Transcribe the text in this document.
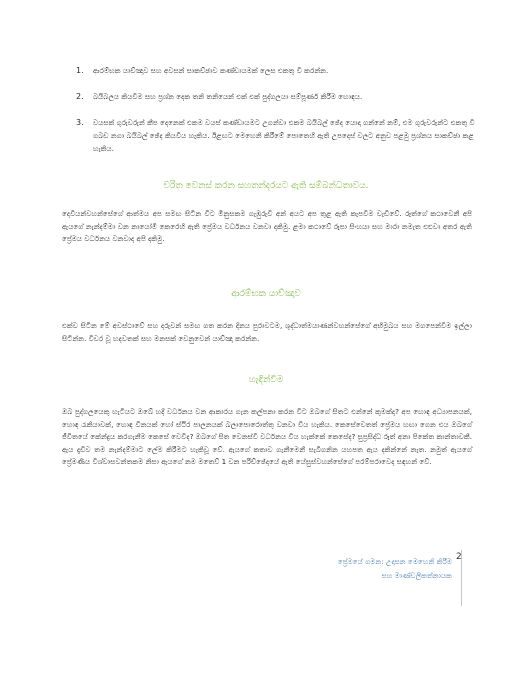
1.	ආරම්භක යාච්ඤාව සහ අවසන් සාකච්ඡාව කණ්ඩායමක් ලෙස එකතු වී කරන්න.
2.	බයිබලය කියවීම සහ ප්‍රශ්න දෙක තනි තනියෙන් එක් එක් පුද්ගලයා සම්පූර්ණ කිරීම හොඳය.
3.	වයසක් ගුරුවරුන් කීප දෙනෙක් එකම වයස් කණ්ඩායමට උගන්වා එකම බයිබල් ඡේද යොදා ගන්නේ නම්, එම ගුරුවරුන්ට එකතු වී ගබඩ නගා බයිබල් ඡේද කියවිය හැකිය. ඊළඟට මෙහෙනි කිරීමේ පොතෙහි ඇති උපදෙස් වලට අනුව පළමු ප්‍රශ්නය සාකච්ඡා කළ හැකිය.
චරිත වෙනස් කරන සහතන්දරයට ඇති සම්බන්ධතාවය.
දෙවියන්වහන්සේගේ ආත්මය අප සමඟ සිටින විට මිනුසකම ගැඹුරුවී අන් අයට අප තුළ ඇති කැපවීම වැඩිවේ. රූත්ගේ කථාවෙනී අපි ඇයගේ නැන්දම්මා වන නායෝමී කෙරෙහි ඇති ප්‍රේමය වර්ධනය වනවා දකිමු. ළමා කථාවේ රූපා සිංහයා සහ මාරා නමැත එළුවා අතර ඇති ප්‍රේමය වර්ධනය වනවාද අපි දකිමු.
ආරම්භක යාච්ඤාව
එක්ව සිටින මේ අවස්ථාවේ සහ දරුවන් සමඟ ගත කරන දිනය පුරාවටම, ශුද්ධාත්මයාණන්වහන්සේගේ අභිමුඛය සහ මගපෙන්වීම ඉල්ලා සිටින්න. විවර වූ හදවතක් සහ මනසක් වෙනුවෙන් යාච්ඤා කරන්න.
හැඳින්වීම
ඔබ පුද්ගලයෙකු හැටියට ඔබේ හදී වර්ධනය වන ආකාරය ගැන කල්පනා කරන විට ඔබගේ සිතට එන්නේ කුමක්ද? අප හොඳ අධ්‍යාපනයක්, හොඳ රැකියාවක්, හොඳ විනයක් හෝ ස්ථිර පාලනයක් බලාපොරොත්තු වනවා විය හැකිය. කෙසේවෙතත් ප්‍රේමය හඟා ගෙන එය ඔබගේ ජීවිතයේ කේන්ද්‍රය කරගැනීම කෙසේ වෙවිද? ඔබගේ සිත වෙනස්වී වර්ධනය විය හැක්කේ කෙසේද? සුප්‍රසිද්ධ රූත් අනා පිකේත කාන්තාවකී. ඇය දැඩිව තම නැන්දම්මාට ලේම කිරීමට හැකිවූ වේ. ඇයගේ කතාව ගැනීමෙනී සැබිගනින යහපත ඇය දකින්නේ නැත. නමුත් ඇයගේ ප්‍රේමණිය විශ්වාසවන්තකම නිසා ඇයගේ නම මතෙව් 1 වන පරිච්ඡේදයේ ඇති යේසුස්වහන්සේගේ පරම්පරාවෙද සඳහන් වේ.
ප්‍රේමයේ ගමන: උදාසන මෙහෙනි කිරීම
සහ මාණ්ඩලිකත්නායක
2
